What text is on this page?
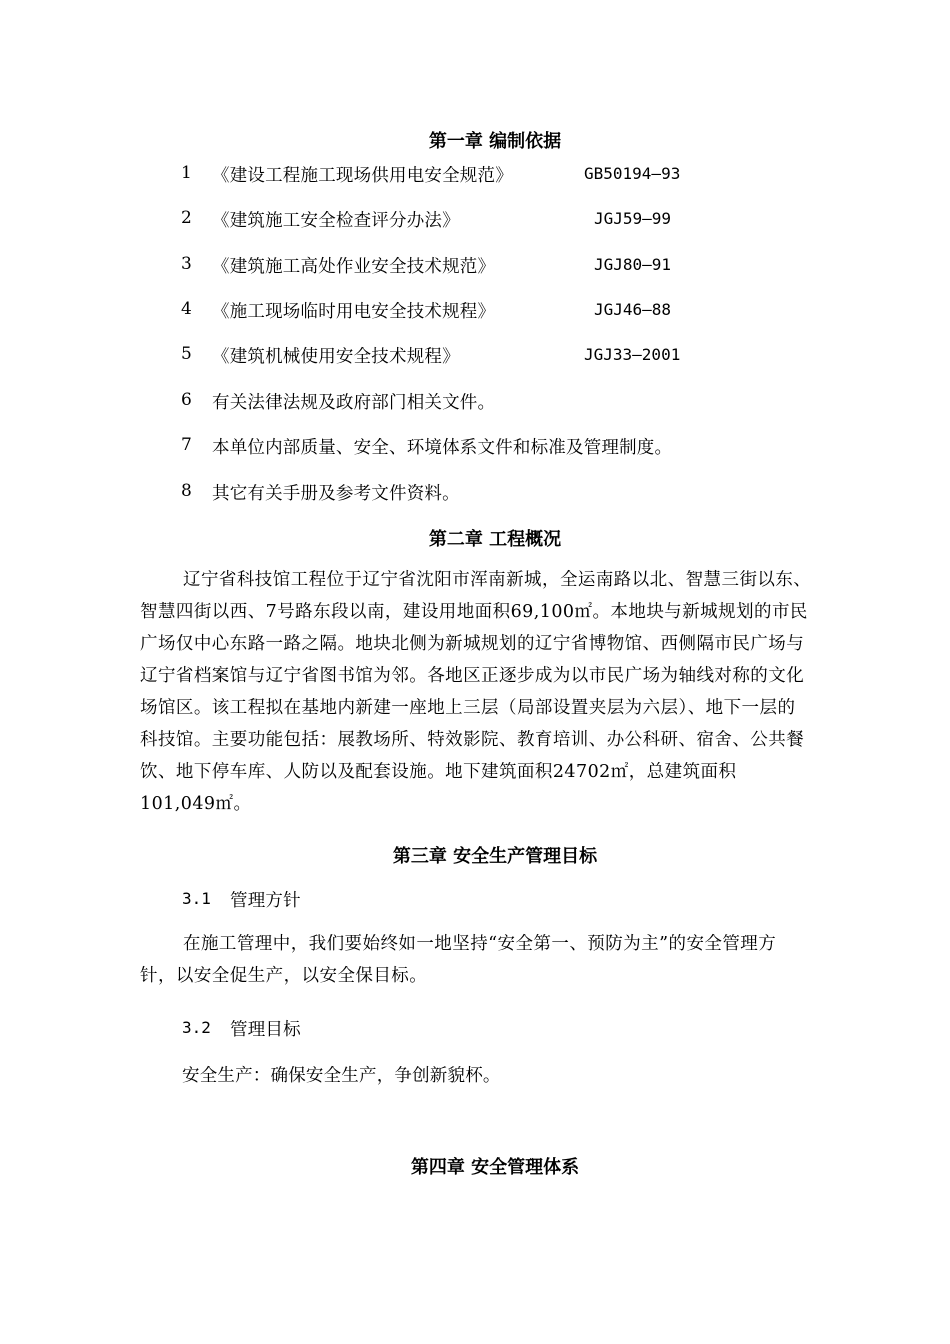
第一章 编制依据
1 《建设工程施工现场供用电安全规范》	GB50194—93
2 《建筑施工安全检查评分办法》	JGJ59—99
3 《建筑施工高处作业安全技术规范》	JGJ80—91
4 《施工现场临时用电安全技术规程》	JGJ46—88
5 《建筑机械使用安全技术规程》	JGJ33—2001
6 有关法律法规及政府部门相关文件。
7 本单位内部质量、安全、环境体系文件和标准及管理制度。
8 其它有关手册及参考文件资料。
第二章 工程概况
辽宁省科技馆工程位于辽宁省沈阳市浑南新城，全运南路以北、智慧三街以东、智慧四街以西、7号路东段以南，建设用地面积69,100㎡。本地块与新城规划的市民广场仅中心东路一路之隔。地块北侧为新城规划的辽宁省博物馆、西侧隔市民广场与辽宁省档案馆与辽宁省图书馆为邻。各地区正逐步成为以市民广场为轴线对称的文化场馆区。该工程拟在基地内新建一座地上三层（局部设置夹层为六层）、地下一层的科技馆。主要功能包括：展教场所、特效影院、教育培训、办公科研、宿舍、公共餐饮、地下停车库、人防以及配套设施。地下建筑面积24702㎡，总建筑面积 101,049㎡。
第三章 安全生产管理目标
3.1 管理方针
在施工管理中，我们要始终如一地坚持“安全第一、预防为主”的安全管理方针，以安全促生产，以安全保目标。
3.2 管理目标
安全生产：确保安全生产，争创新貌杯。
第四章 安全管理体系
